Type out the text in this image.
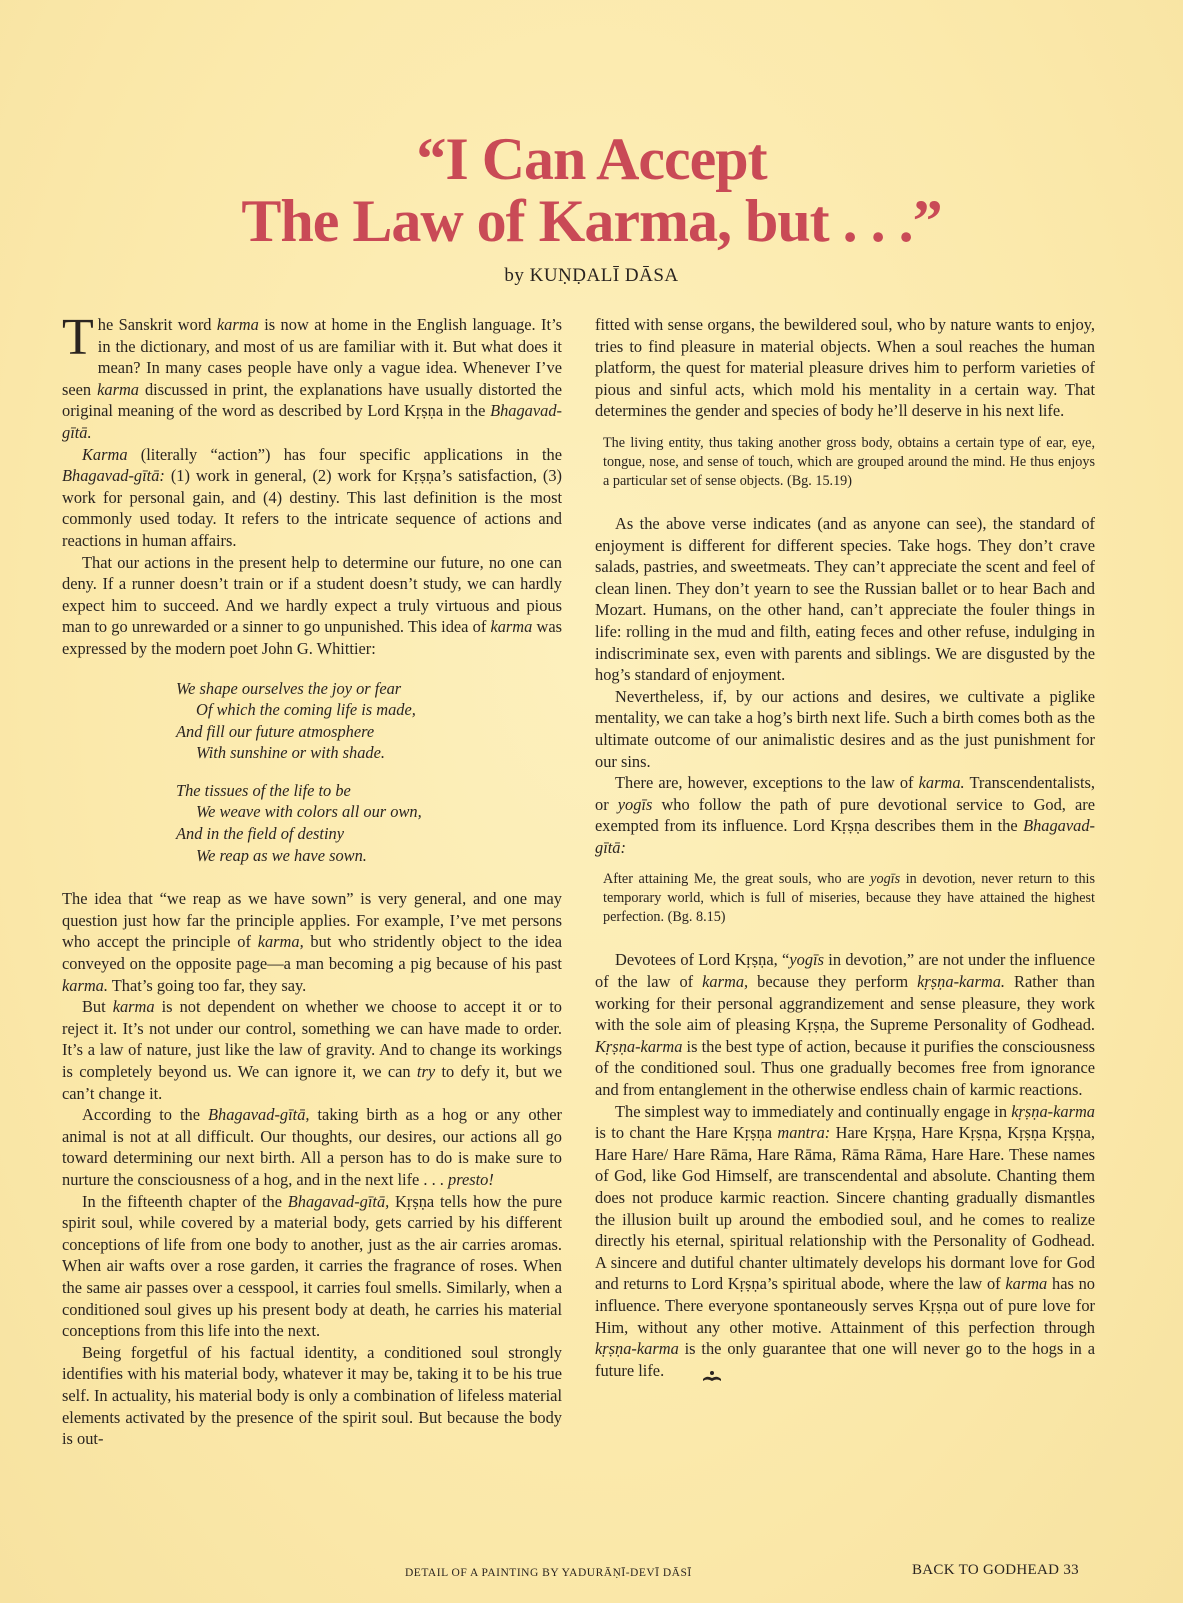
“I Can Accept
The Law of Karma, but . . .”
by KUṆḌALĪ DĀSA

The Sanskrit word karma is now at home in the English language. It’s in the dictionary, and most of us are familiar with it. But what does it mean? In many cases people have only a vague idea. Whenever I’ve seen karma discussed in print, the explanations have usually distorted the original meaning of the word as described by Lord Kṛṣṇa in the Bhagavad-gītā.

Karma (literally “action”) has four specific applications in the Bhagavad-gītā: (1) work in general, (2) work for Kṛṣṇa’s satisfaction, (3) work for personal gain, and (4) destiny. This last definition is the most commonly used today. It refers to the intricate sequence of actions and reactions in human affairs.

That our actions in the present help to determine our future, no one can deny. If a runner doesn’t train or if a student doesn’t study, we can hardly expect him to succeed. And we hardly expect a truly virtuous and pious man to go unrewarded or a sinner to go unpunished. This idea of karma was expressed by the modern poet John G. Whittier:

We shape ourselves the joy or fear
Of which the coming life is made,
And fill our future atmosphere
With sunshine or with shade.
The tissues of the life to be
We weave with colors all our own,
And in the field of destiny
We reap as we have sown.

The idea that “we reap as we have sown” is very general, and one may question just how far the principle applies. For example, I’ve met persons who accept the principle of karma, but who stridently object to the idea conveyed on the opposite page—a man becoming a pig because of his past karma. That’s going too far, they say.

But karma is not dependent on whether we choose to accept it or to reject it. It’s not under our control, something we can have made to order. It’s a law of nature, just like the law of gravity. And to change its workings is completely beyond us. We can ignore it, we can try to defy it, but we can’t change it.

According to the Bhagavad-gītā, taking birth as a hog or any other animal is not at all difficult. Our thoughts, our desires, our actions all go toward determining our next birth. All a person has to do is make sure to nurture the consciousness of a hog, and in the next life . . . presto!

In the fifteenth chapter of the Bhagavad-gītā, Kṛṣṇa tells how the pure spirit soul, while covered by a material body, gets carried by his different conceptions of life from one body to another, just as the air carries aromas. When air wafts over a rose garden, it carries the fragrance of roses. When the same air passes over a cesspool, it carries foul smells. Similarly, when a conditioned soul gives up his present body at death, he carries his material conceptions from this life into the next.

Being forgetful of his factual identity, a conditioned soul strongly identifies with his material body, whatever it may be, taking it to be his true self. In actuality, his material body is only a combination of lifeless material elements activated by the presence of the spirit soul. But because the body is out-

fitted with sense organs, the bewildered soul, who by nature wants to enjoy, tries to find pleasure in material objects. When a soul reaches the human platform, the quest for material pleasure drives him to perform varieties of pious and sinful acts, which mold his mentality in a certain way. That determines the gender and species of body he’ll deserve in his next life.

The living entity, thus taking another gross body, obtains a certain type of ear, eye, tongue, nose, and sense of touch, which are grouped around the mind. He thus enjoys a particular set of sense objects. (Bg. 15.19)

As the above verse indicates (and as anyone can see), the standard of enjoyment is different for different species. Take hogs. They don’t crave salads, pastries, and sweetmeats. They can’t appreciate the scent and feel of clean linen. They don’t yearn to see the Russian ballet or to hear Bach and Mozart. Humans, on the other hand, can’t appreciate the fouler things in life: rolling in the mud and filth, eating feces and other refuse, indulging in indiscriminate sex, even with parents and siblings. We are disgusted by the hog’s standard of enjoyment.

Nevertheless, if, by our actions and desires, we cultivate a piglike mentality, we can take a hog’s birth next life. Such a birth comes both as the ultimate outcome of our animalistic desires and as the just punishment for our sins.

There are, however, exceptions to the law of karma. Transcendentalists, or yogīs who follow the path of pure devotional service to God, are exempted from its influence. Lord Kṛṣṇa describes them in the Bhagavad-gītā:

After attaining Me, the great souls, who are yogīs in devotion, never return to this temporary world, which is full of miseries, because they have attained the highest perfection. (Bg. 8.15)

Devotees of Lord Kṛṣṇa, “yogīs in devotion,” are not under the influence of the law of karma, because they perform kṛṣṇa-karma. Rather than working for their personal aggrandizement and sense pleasure, they work with the sole aim of pleasing Kṛṣṇa, the Supreme Personality of Godhead. Kṛṣṇa-karma is the best type of action, because it purifies the consciousness of the conditioned soul. Thus one gradually becomes free from ignorance and from entanglement in the otherwise endless chain of karmic reactions.

The simplest way to immediately and continually engage in kṛṣṇa-karma is to chant the Hare Kṛṣṇa mantra: Hare Kṛṣṇa, Hare Kṛṣṇa, Kṛṣṇa Kṛṣṇa, Hare Hare/ Hare Rāma, Hare Rāma, Rāma Rāma, Hare Hare. These names of God, like God Himself, are transcendental and absolute. Chanting them does not produce karmic reaction. Sincere chanting gradually dismantles the illusion built up around the embodied soul, and he comes to realize directly his eternal, spiritual relationship with the Personality of Godhead. A sincere and dutiful chanter ultimately develops his dormant love for God and returns to Lord Kṛṣṇa’s spiritual abode, where the law of karma has no influence. There everyone spontaneously serves Kṛṣṇa out of pure love for Him, without any other motive. Attainment of this perfection through kṛṣṇa-karma is the only guarantee that one will never go to the hogs in a future life.

DETAIL OF A PAINTING BY YADURĀṆĪ-DEVĪ DĀSĪ	BACK TO GODHEAD 33
